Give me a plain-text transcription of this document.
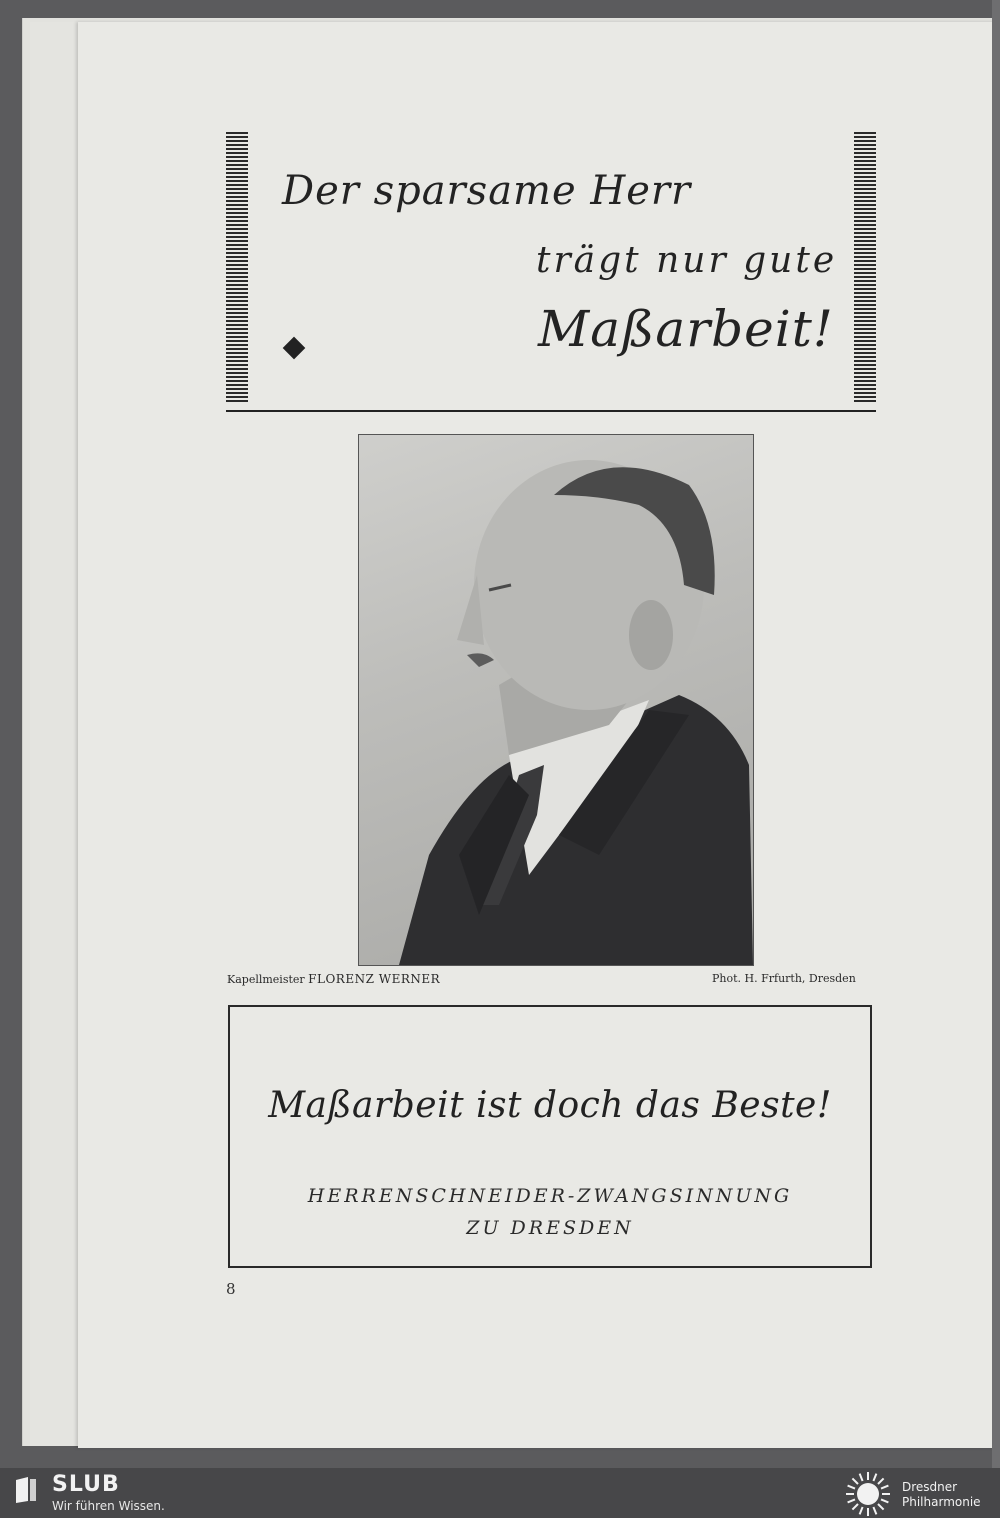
Der sparsame Herr
trägt nur gute
Maßarbeit!
Kapellmeister FLORENZ WERNER	Phot. H. Frfurth, Dresden
Maßarbeit ist doch das Beste!
HERRENSCHNEIDER-ZWANGSINNUNG
ZU DRESDEN
8
SLUB
Wir führen Wissen.
Dresdner
Philharmonie
